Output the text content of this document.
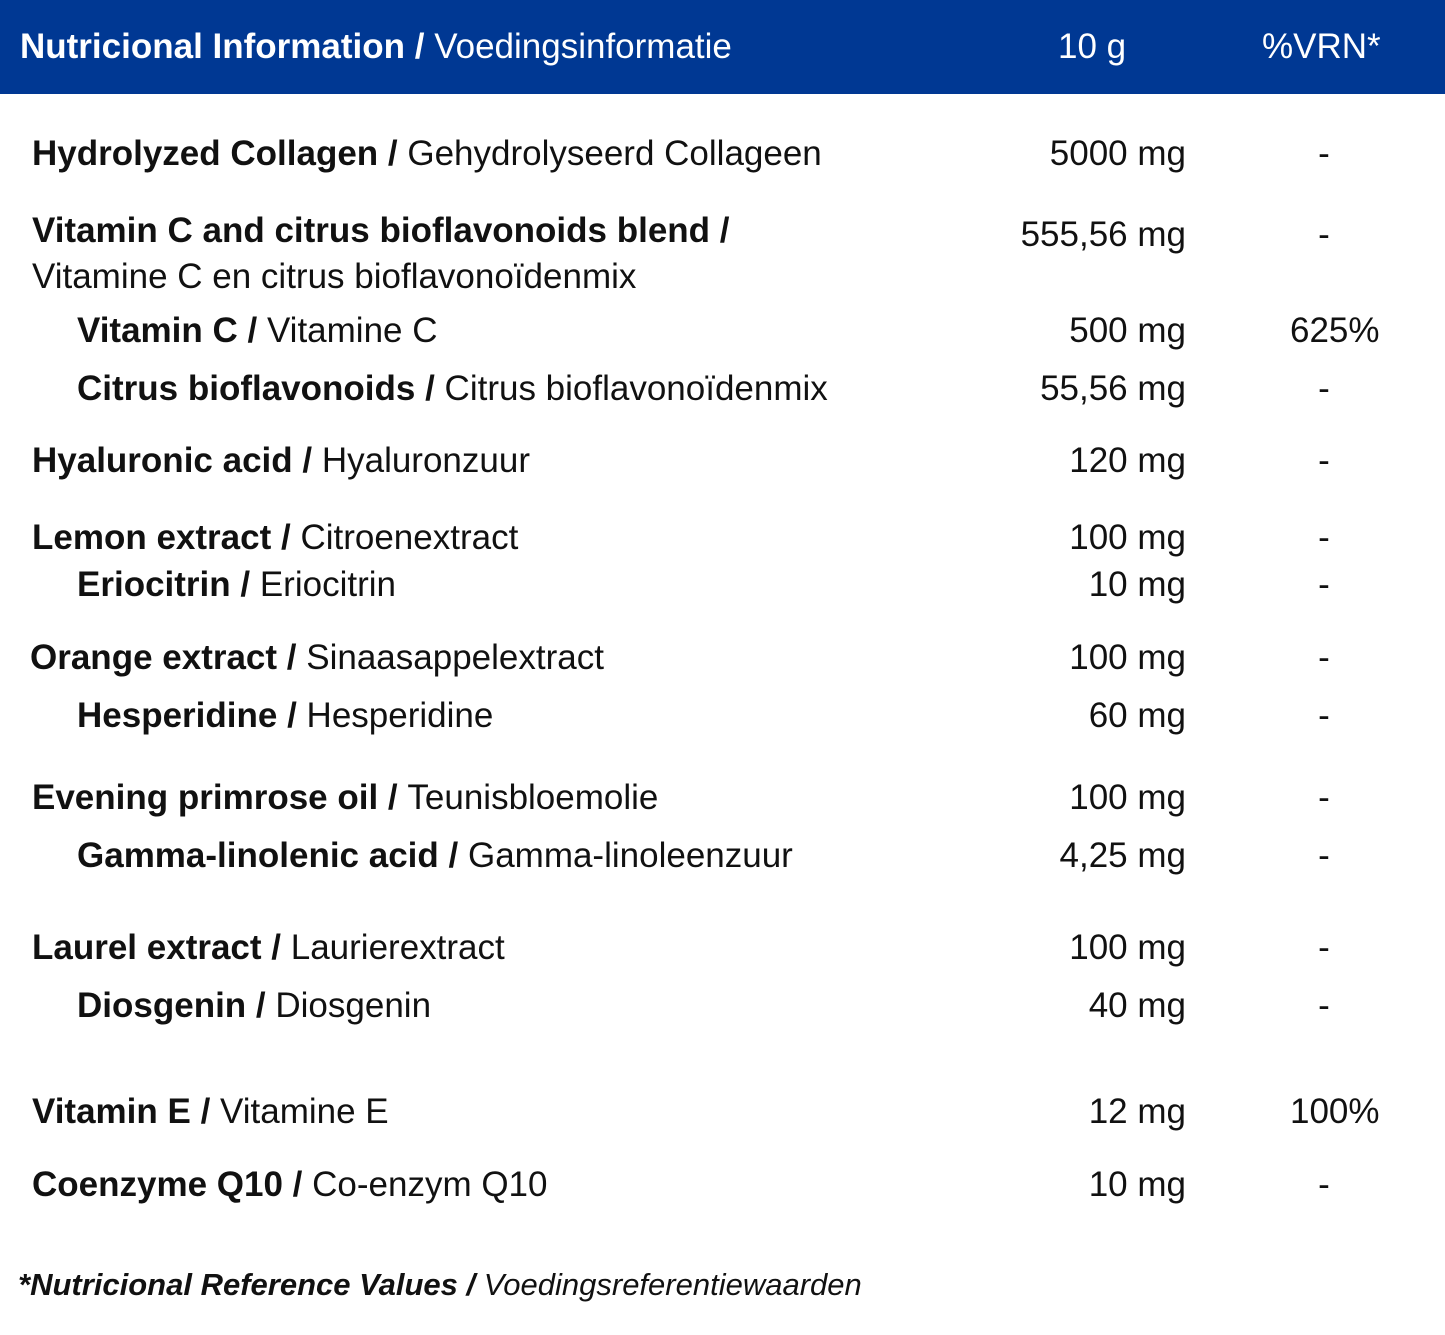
Nutricional Information / Voedingsinformatie	10 g	%VRN*
Hydrolyzed Collagen / Gehydrolyseerd Collageen	5000 mg	-
Vitamin C and citrus bioflavonoids blend /
Vitamine C en citrus bioflavonoïdenmix
555,56 mg	-
Vitamin C / Vitamine C	500 mg	625%
Citrus bioflavonoids / Citrus bioflavonoïdenmix	55,56 mg	-
Hyaluronic acid / Hyaluronzuur	120 mg	-
Lemon extract / Citroenextract	100 mg	-
Eriocitrin / Eriocitrin	10 mg	-
Orange extract / Sinaasappelextract	100 mg	-
Hesperidine / Hesperidine	60 mg	-
Evening primrose oil / Teunisbloemolie	100 mg	-
Gamma-linolenic acid / Gamma-linoleenzuur	4,25 mg	-
Laurel extract / Laurierextract	100 mg	-
Diosgenin / Diosgenin	40 mg	-
Vitamin E / Vitamine E	12 mg	100%
Coenzyme Q10 / Co-enzym Q10	10 mg	-
*Nutricional Reference Values / Voedingsreferentiewaarden
